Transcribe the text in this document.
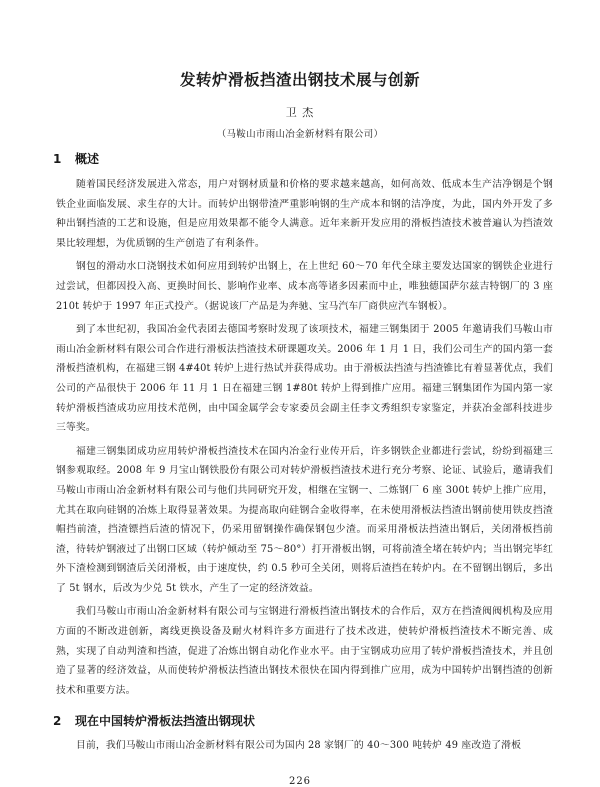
发转炉滑板挡渣出钢技术展与创新
卫 杰
（马鞍山市雨山冶金新材料有限公司）
1 概述

随着国民经济发展进入常态，用户对钢材质量和价格的要求越来越高，如何高效、低成本生产洁净钢是个钢铁企业面临发展、求生存的大计。而转炉出钢带渣严重影响钢的生产成本和钢的洁净度，为此，国内外开发了多种出钢挡渣的工艺和设施，但是应用效果都不能令人满意。近年来新开发应用的滑板挡渣技术被普遍认为挡渣效果比较理想，为优质钢的生产创造了有利条件。

钢包的滑动水口浇钢技术如何应用到转炉出钢上，在上世纪 60～70 年代全球主要发达国家的钢铁企业进行过尝试，但都因投入高、更换时间长、影响作业率、成本高等诸多因素而中止，唯独德国萨尔兹吉特钢厂的 3 座 210t 转炉于 1997 年正式投产。（据说该厂产品是为奔驰、宝马汽车厂商供应汽车钢板）。

到了本世纪初，我国冶金代表团去德国考察时发现了该项技术，福建三钢集团于 2005 年邀请我们马鞍山市雨山冶金新材料有限公司合作进行滑板法挡渣技术研课题攻关。2006 年 1 月 1 日，我们公司生产的国内第一套滑板挡渣机构，在福建三钢 4#40t 转炉上进行热试并获得成功。由于滑板法挡渣与挡渣锥比有着显著优点，我们公司的产品很快于 2006 年 11 月 1 日在福建三钢 1#80t 转炉上得到推广应用。福建三钢集团作为国内第一家转炉滑板挡渣成功应用技术范例，由中国金属学会专家委员会副主任李文秀组织专家鉴定，并获冶金部科技进步三等奖。

福建三钢集团成功应用转炉滑板挡渣技术在国内冶金行业传开后，许多钢铁企业都进行尝试，纷纷到福建三钢参观取经。2008 年 9 月宝山钢铁股份有限公司对转炉滑板挡渣技术进行充分考察、论证、试验后，邀请我们马鞍山市雨山冶金新材料有限公司与他们共同研究开发，相继在宝钢一、二炼钢厂 6 座 300t 转炉上推广应用，尤其在取向硅钢的冶炼上取得显著效果。为提高取向硅钢合金收得率，在未使用滑板法挡渣出钢前使用铁皮挡渣帽挡前渣，挡渣镖挡后渣的情况下，仍采用留钢操作确保钢包少渣。而采用滑板法挡渣出钢后，关闭滑板挡前渣，待转炉钢液过了出钢口区域（转炉倾动至 75～80°）打开滑板出钢，可将前渣全堵在转炉内；当出钢完毕红外下渣检测到钢渣后关闭滑板，由于速度快，约 0.5 秒可全关闭，则将后渣挡在转炉内。在不留钢出钢后，多出了 5t 钢水，后改为少兑 5t 铁水，产生了一定的经济效益。

我们马鞍山市雨山冶金新材料有限公司与宝钢进行滑板挡渣出钢技术的合作后，双方在挡渣阀阀机构及应用方面的不断改进创新，离线更换设备及耐火材料许多方面进行了技术改进，使转炉滑板挡渣技术不断完善、成熟，实现了自动判渣和挡渣，促进了冶炼出钢自动化作业水平。由于宝钢成功应用了转炉滑板挡渣技术，并且创造了显著的经济效益，从而使转炉滑板法挡渣出钢技术很快在国内得到推广应用，成为中国转炉出钢挡渣的创新技术和重要方法。

2 现在中国转炉滑板法挡渣出钢现状

目前，我们马鞍山市雨山冶金新材料有限公司为国内 28 家钢厂的 40～300 吨转炉 49 座改造了滑板

226
